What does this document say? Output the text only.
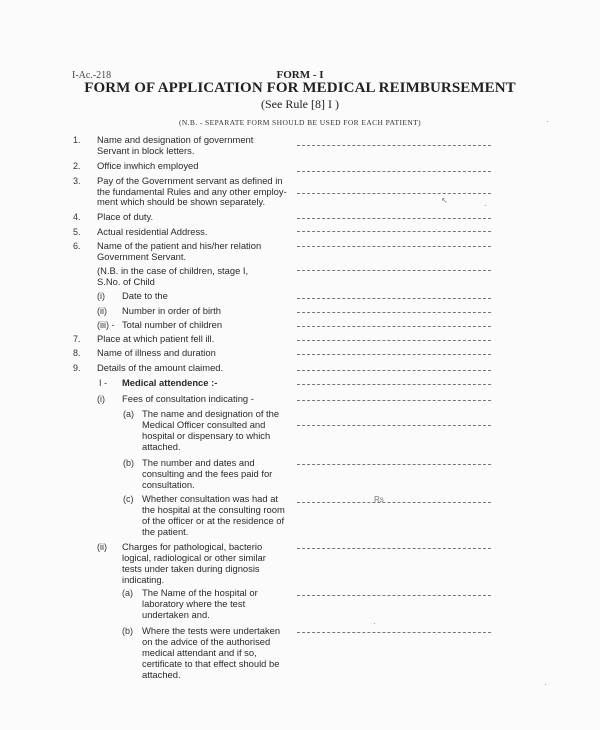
I-Ac.-218	FORM - I
FORM OF APPLICATION FOR MEDICAL REIMBURSEMENT
(See Rule [8] I )
(N.B. - SEPARATE FORM SHOULD BE USED FOR EACH PATIENT)
1. Name and designation of government
Servant in block letters.
2. Office inwhich employed
3. Pay of the Government servant as defined in
the fundamental Rules and any other employ-
ment which should be shown separately.	↖
·
4. Place of duty.
5. Actual residential Address.
6. Name of the patient and his/her relation
Government Servant.
(N.B. in the case of children, stage I,
S.No. of Child
(i) Date to the
(ii) Number in order of birth
(iii) - Total number of children
7. Place at which patient fell ill.
8. Name of illness and duration
9. Details of the amount claimed.
I - Medical attendence :-
(i) Fees of consultation indicating -
(a) The name and designation of the
Medical Officer consulted and
hospital or dispensary to which
attached.
(b) The number and dates and
consulting and the fees paid for
consultation.
(c) Whether consultation was had at
the hospital at the consulting room
of the officer or at the residence of
the patient.
Rs
(ii) Charges for pathological, bacterio
logical, radiological or other similar
tests under taken during dignosis
indicating.
(a) The Name of the hospital or
laboratory where the test
undertaken and.
(b) Where the tests were undertaken
on the advice of the authorised
medical attendant and if so,
certificate to that effect should be
attached.
·
·
·
